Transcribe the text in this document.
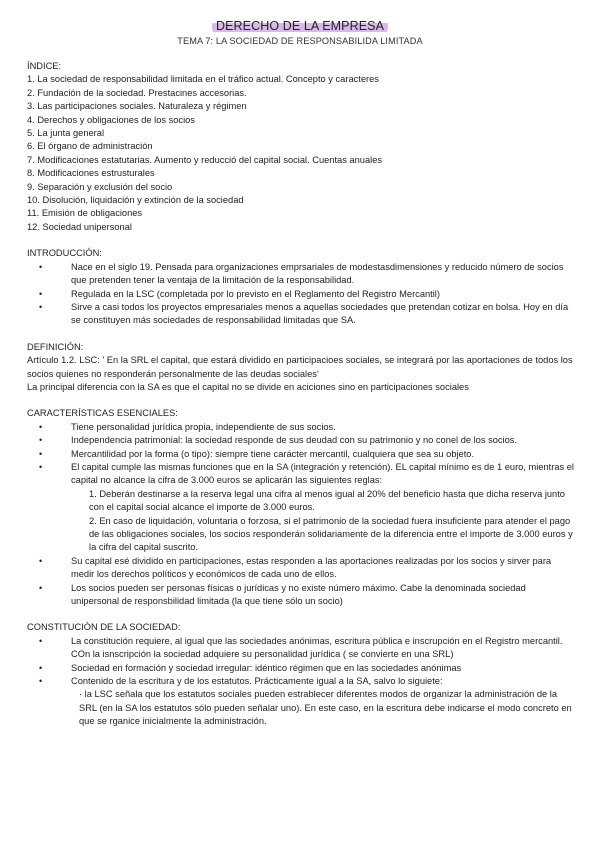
DERECHO DE LA EMPRESA
TEMA 7: LA SOCIEDAD DE RESPONSABILIDA LIMITADA

ÍNDICE:

1. La sociedad de responsabilidad limitada en el tráfico actual. Concepto y caracteres

2. Fundación de la sociedad. Prestacines accesorias.

3. Las participaciones sociales. Naturaleza y régimen

4. Derechos y obligaciones de los socios

5. La junta general

6. El órgano de administración

7. Modificaciones estatutarias. Aumento y reducció del capital social. Cuentas anuales

8. Modificaciones estrusturales

9. Separación y exclusión del socio

10. Disolución, liquidación y extinción de la sociedad

11. Emisión de obligaciones

12. Sociedad unipersonal

INTRODUCCIÓN:

• Nace en el siglo 19. Pensada para organizaciones emprsariales de modestasdimensiones y reducido número de socios que pretenden tener la ventaja de la limitación de la responsabilidad.
• Regulada en la LSC (completada por lo previsto en el Reglamento del Registro Mercantil)
• Sirve a casi todos los proyectos empresariales menos a aquellas sociedades que pretendan cotizar en bolsa. Hoy en día se constituyen más sociedades de responsabilidad limitadas que SA.

DEFINICIÓN:

Artículo 1.2. LSC: ' En la SRL el capital, que estará dividido en participacioes sociales, se integrará por las aportaciones de todos los socios quienes no responderán personalmente de las deudas sociales'

La principal diferencia con la SA es que el capital no se divide en aciciones sino en participaciones sociales

CARACTERÍSTICAS ESENCIALES:

• Tiene personalidad jurídica propia, independiente de sus socios.
• Independencia patrimonial: la sociedad responde de sus deudad con su patrimonio y no conel de los socios.
• Mercantilidad por la forma (o tipo): siempre tiene carácter mercantil, cualquiera que sea su objeto.
• El capital cumple las mismas funciones que en la SA (integración y retención). EL capital mínimo es de 1 euro, mientras el capital no alcance la cifra de 3.000 euros se aplicarán las siguientes reglas:

1. Deberán destinarse a la reserva legal una cifra al menos igual al 20% del beneficio hasta que dicha reserva junto con el capital social alcance el importe de 3.000 euros.

2. En caso de liquidación, voluntaria o forzosa, si el patrimonio de la sociedad fuera insuficiente para atender el pago de las obligaciones sociales, los socios responderán solidariamente de la diferencia entre el importe de 3.000 euros y la cifra del capital suscrito.

• Su capital esé dividido en participaciones, estas responden a las aportaciones realizadas por los socios y sirver para medir los derechos políticos y económicos de cada uno de ellos.
• Los socios pueden ser personas físicas o jurídicas y no existe número máximo. Cabe la denominada sociedad unipersonal de responsbilidad limitada (la que tiene sólo un socio)

CONSTITUCIÓN DE LA SOCIEDAD:

• La constitución requiere, al igual que las sociedades anónimas, escritura pública e inscrupción en el Registro mercantil. COn la isnscripción la sociedad adquiere su personalidad jurídica ( se convierte en una SRL)
• Sociedad en formación y sociedad irregular: idéntico régimen que en las sociedades anónimas
• Contenido de la escritura y de los estatutos. Prácticamente igual a la SA, salvo lo siguiete:

· la LSC señala que los estatutos sociales pueden estrablecer diferentes modos de organizar la administración de la SRL (en la SA los estatutos sólo pueden señalar uno). En este caso, en la escritura debe indicarse el modo concreto en que se rganice inicialmente la administración.
